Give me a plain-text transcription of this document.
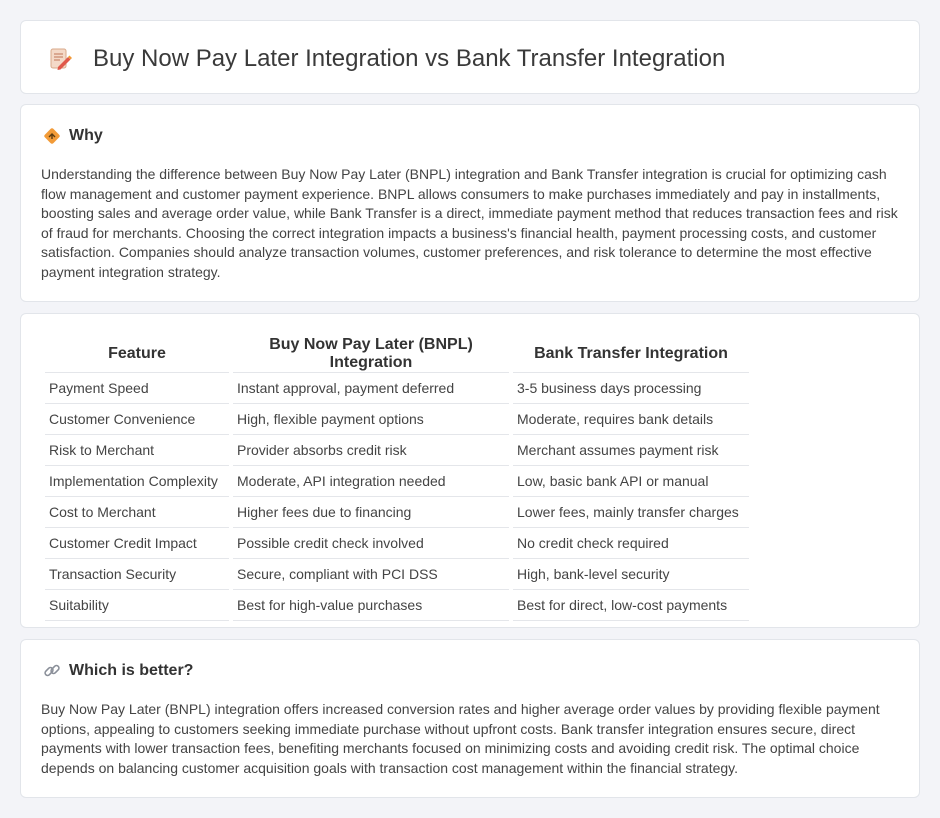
Buy Now Pay Later Integration vs Bank Transfer Integration
Why

Understanding the difference between Buy Now Pay Later (BNPL) integration and Bank Transfer integration is crucial for optimizing cash flow management and customer payment experience. BNPL allows consumers to make purchases immediately and pay in installments, boosting sales and average order value, while Bank Transfer is a direct, immediate payment method that reduces transaction fees and risk of fraud for merchants. Choosing the correct integration impacts a business's financial health, payment processing costs, and customer satisfaction. Companies should analyze transaction volumes, customer preferences, and risk tolerance to determine the most effective payment integration strategy.

Feature	Buy Now Pay Later (BNPL) Integration	Bank Transfer Integration
Payment Speed	Instant approval, payment deferred	3-5 business days processing
Customer Convenience	High, flexible payment options	Moderate, requires bank details
Risk to Merchant	Provider absorbs credit risk	Merchant assumes payment risk
Implementation Complexity	Moderate, API integration needed	Low, basic bank API or manual
Cost to Merchant	Higher fees due to financing	Lower fees, mainly transfer charges
Customer Credit Impact	Possible credit check involved	No credit check required
Transaction Security	Secure, compliant with PCI DSS	High, bank-level security
Suitability	Best for high-value purchases	Best for direct, low-cost payments
Which is better?

Buy Now Pay Later (BNPL) integration offers increased conversion rates and higher average order values by providing flexible payment options, appealing to customers seeking immediate purchase without upfront costs. Bank transfer integration ensures secure, direct payments with lower transaction fees, benefiting merchants focused on minimizing costs and avoiding credit risk. The optimal choice depends on balancing customer acquisition goals with transaction cost management within the financial strategy.
